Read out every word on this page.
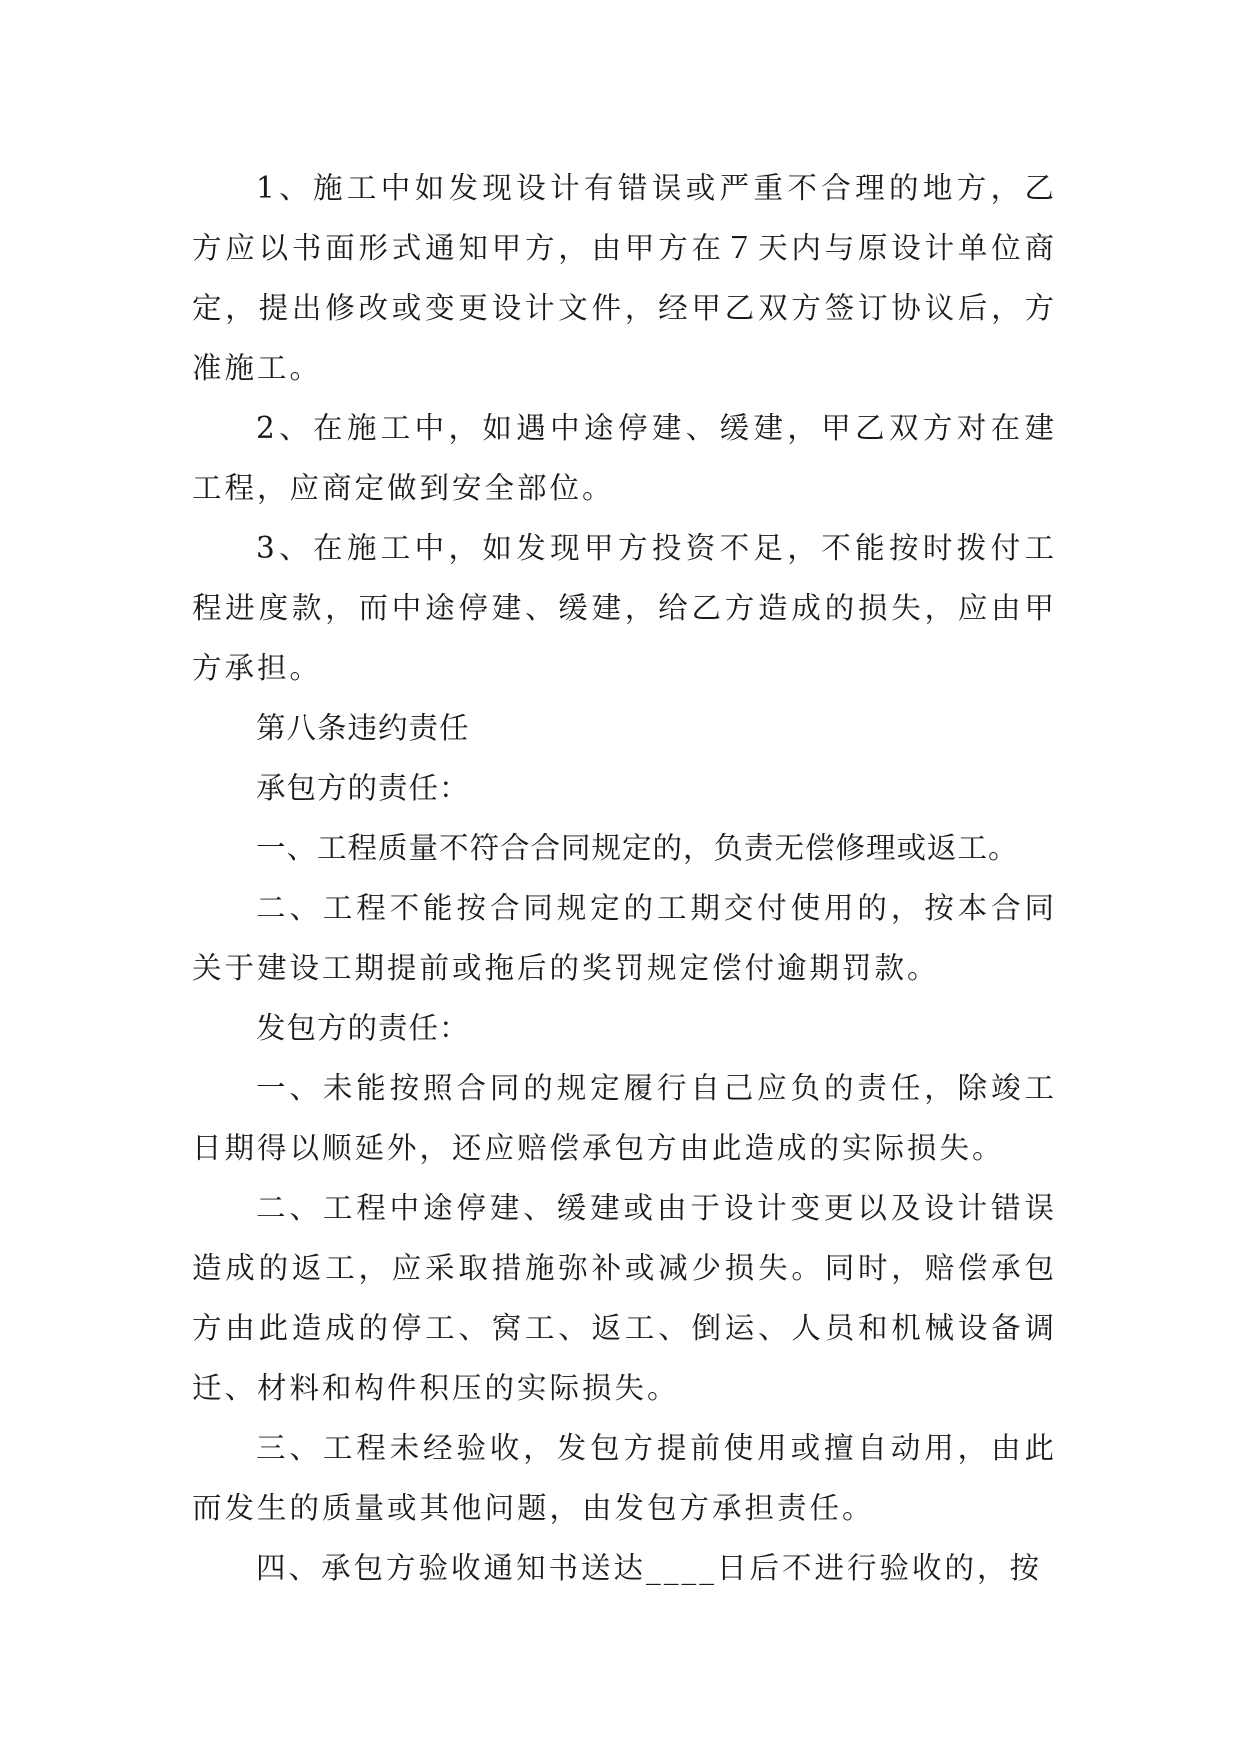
1、施工中如发现设计有错误或严重不合理的地方，乙方应以书面形式通知甲方，由甲方在７天内与原设计单位商定，提出修改或变更设计文件，经甲乙双方签订协议后，方准施工。

2、在施工中，如遇中途停建、缓建，甲乙双方对在建工程，应商定做到安全部位。

3、在施工中，如发现甲方投资不足，不能按时拨付工程进度款，而中途停建、缓建，给乙方造成的损失，应由甲方承担。

第八条违约责任

承包方的责任：

一、工程质量不符合合同规定的，负责无偿修理或返工。

二、工程不能按合同规定的工期交付使用的，按本合同关于建设工期提前或拖后的奖罚规定偿付逾期罚款。

发包方的责任：

一、未能按照合同的规定履行自己应负的责任，除竣工日期得以顺延外，还应赔偿承包方由此造成的实际损失。

二、工程中途停建、缓建或由于设计变更以及设计错误造成的返工，应采取措施弥补或减少损失。同时，赔偿承包方由此造成的停工、窝工、返工、倒运、人员和机械设备调迁、材料和构件积压的实际损失。

三、工程未经验收，发包方提前使用或擅自动用，由此而发生的质量或其他问题，由发包方承担责任。

四、承包方验收通知书送达____日后不进行验收的，按
